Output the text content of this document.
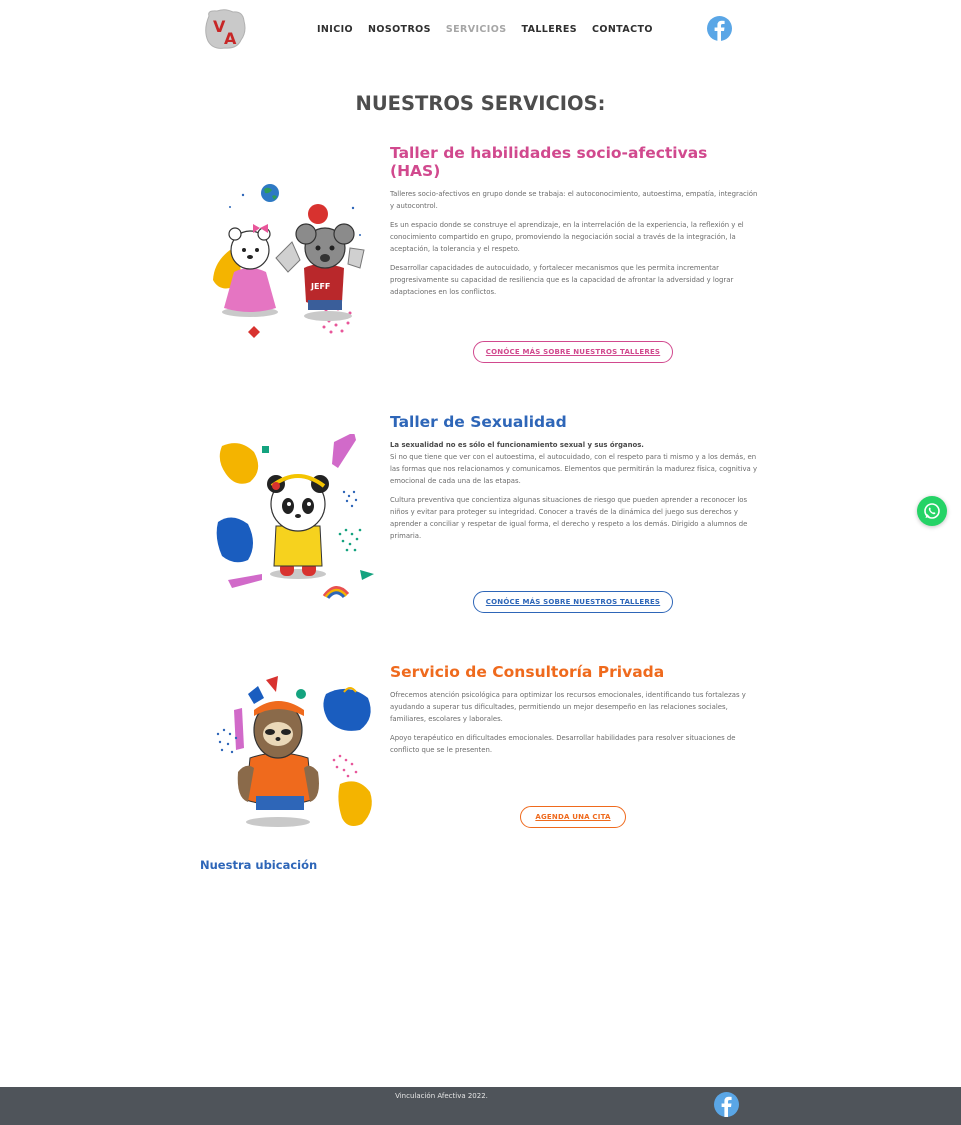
V
A	INICIO NOSOTROS SERVICIOS TALLERES CONTACTO
NUESTROS SERVICIOS:
JEFF
Taller de habilidades socio-afectivas (HAS)

Talleres socio-afectivos en grupo donde se trabaja: el autoconocimiento, autoestima, empatía, integración y autocontrol.

Es un espacio donde se construye el aprendizaje, en la interrelación de la experiencia, la reflexión y el conocimiento compartido en grupo, promoviendo la negociación social a través de la integración, la aceptación, la tolerancia y el respeto.

Desarrollar capacidades de autocuidado, y fortalecer mecanismos que les permita incrementar progresivamente su capacidad de resiliencia que es la capacidad de afrontar la adversidad y lograr adaptaciones en los conflictos.

CONÓCE MÁS SOBRE NUESTROS TALLERES
Taller de Sexualidad

La sexualidad no es sólo el funcionamiento sexual y sus órganos.
Si no que tiene que ver con el autoestima, el autocuidado, con el respeto para ti mismo y a los demás, en las formas que nos relacionamos y comunicamos. Elementos que permitirán la madurez física, cognitiva y emocional de cada una de las etapas.

Cultura preventiva que concientiza algunas situaciones de riesgo que pueden aprender a reconocer los niños y evitar para proteger su integridad. Conocer a través de la dinámica del juego sus derechos y aprender a conciliar y respetar de igual forma, el derecho y respeto a los demás. Dirigido a alumnos de primaria.

CONÓCE MÁS SOBRE NUESTROS TALLERES
Servicio de Consultoría Privada

Ofrecemos atención psicológica para optimizar los recursos emocionales, identificando tus fortalezas y ayudando a superar tus dificultades, permitiendo un mejor desempeño en las relaciones sociales, familiares, escolares y laborales.

Apoyo terapéutico en dificultades emocionales. Desarrollar habilidades para resolver situaciones de conflicto que se le presenten.

AGENDA UNA CITA
Nuestra ubicación
Vinculación Afectiva 2022.
